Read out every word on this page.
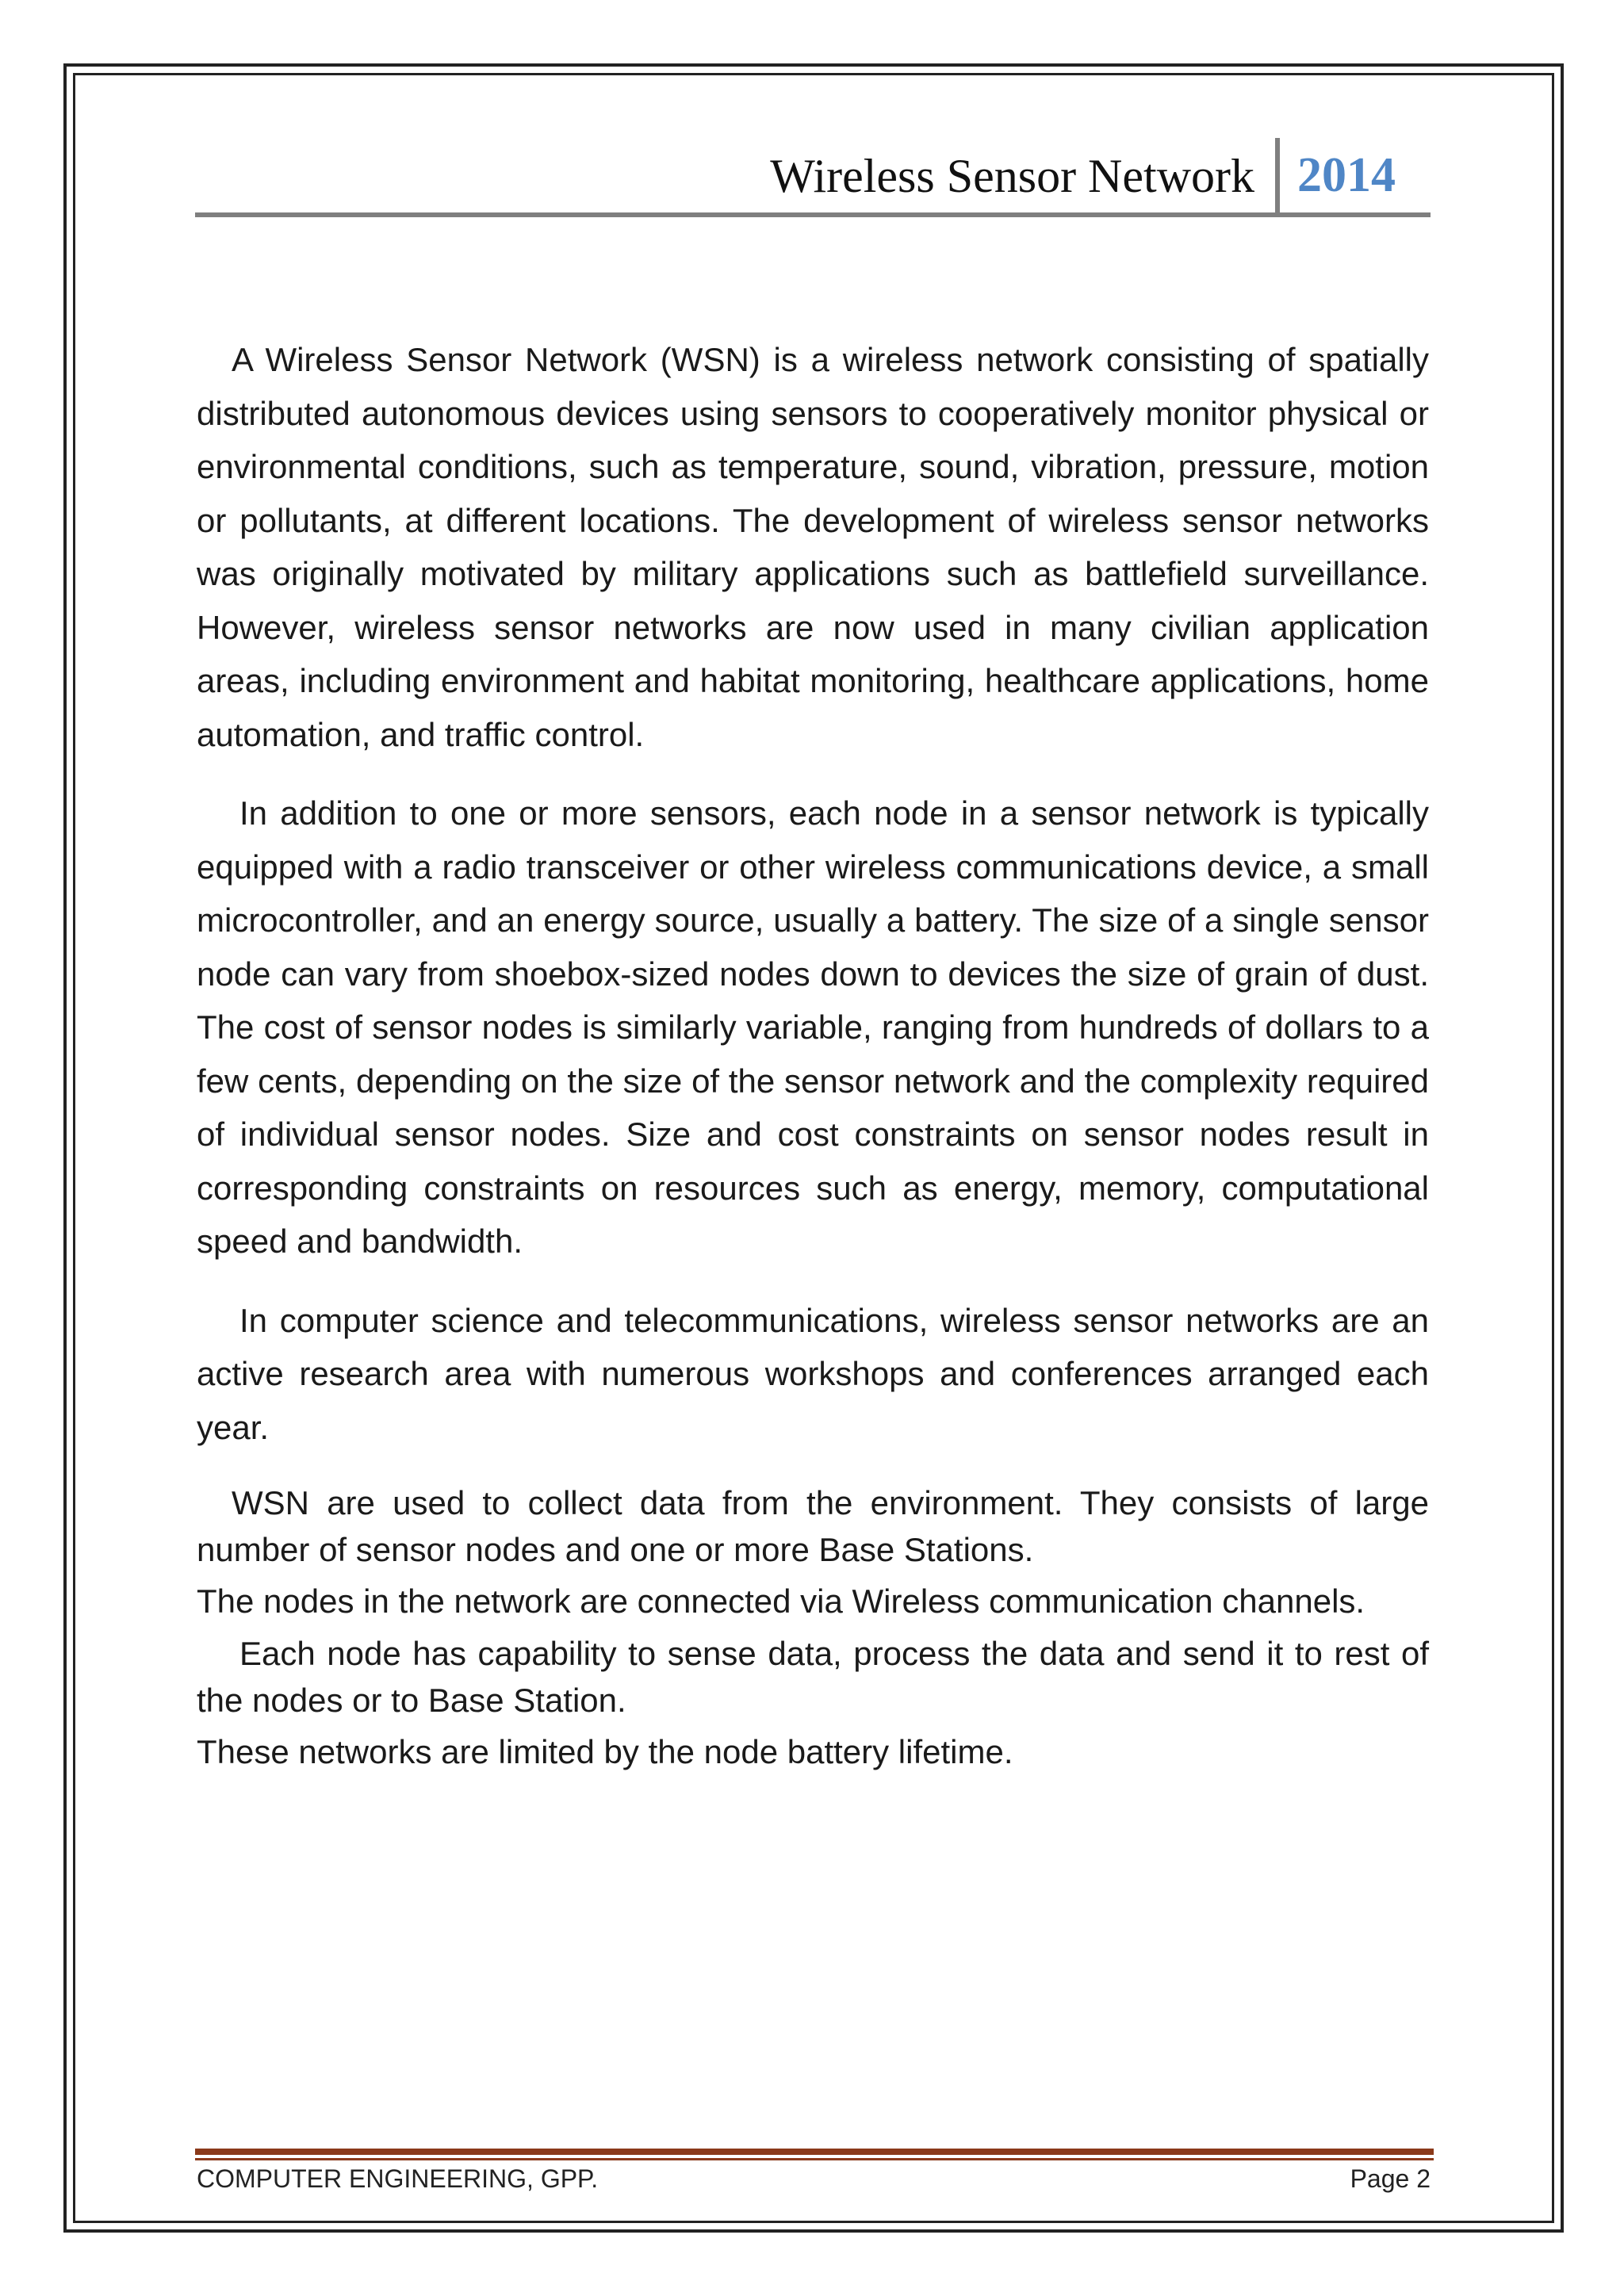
Wireless Sensor Network 2014

A Wireless Sensor Network (WSN) is a wireless network consisting of spatially distributed autonomous devices using sensors to cooperatively monitor physical or environmental conditions, such as temperature, sound, vibration, pressure, motion or pollutants, at different locations. The development of wireless sensor networks was originally motivated by military applications such as battlefield surveillance. However, wireless sensor networks are now used in many civilian application areas, including environment and habitat monitoring, healthcare applications, home automation, and traffic control.

In addition to one or more sensors, each node in a sensor network is typically equipped with a radio transceiver or other wireless communications device, a small microcontroller, and an energy source, usually a battery. The size of a single sensor node can vary from shoebox-sized nodes down to devices the size of grain of dust. The cost of sensor nodes is similarly variable, ranging from hundreds of dollars to a few cents, depending on the size of the sensor network and the complexity required of individual sensor nodes. Size and cost constraints on sensor nodes result in corresponding constraints on resources such as energy, memory, computational speed and bandwidth.

In computer science and telecommunications, wireless sensor networks are an active research area with numerous workshops and conferences arranged each year.

WSN are used to collect data from the environment. They consists of large number of sensor nodes and one or more Base Stations.

The nodes in the network are connected via Wireless communication channels.

Each node has capability to sense data, process the data and send it to rest of the nodes or to Base Station.

These networks are limited by the node battery lifetime.

COMPUTER ENGINEERING, GPP.	Page 2
